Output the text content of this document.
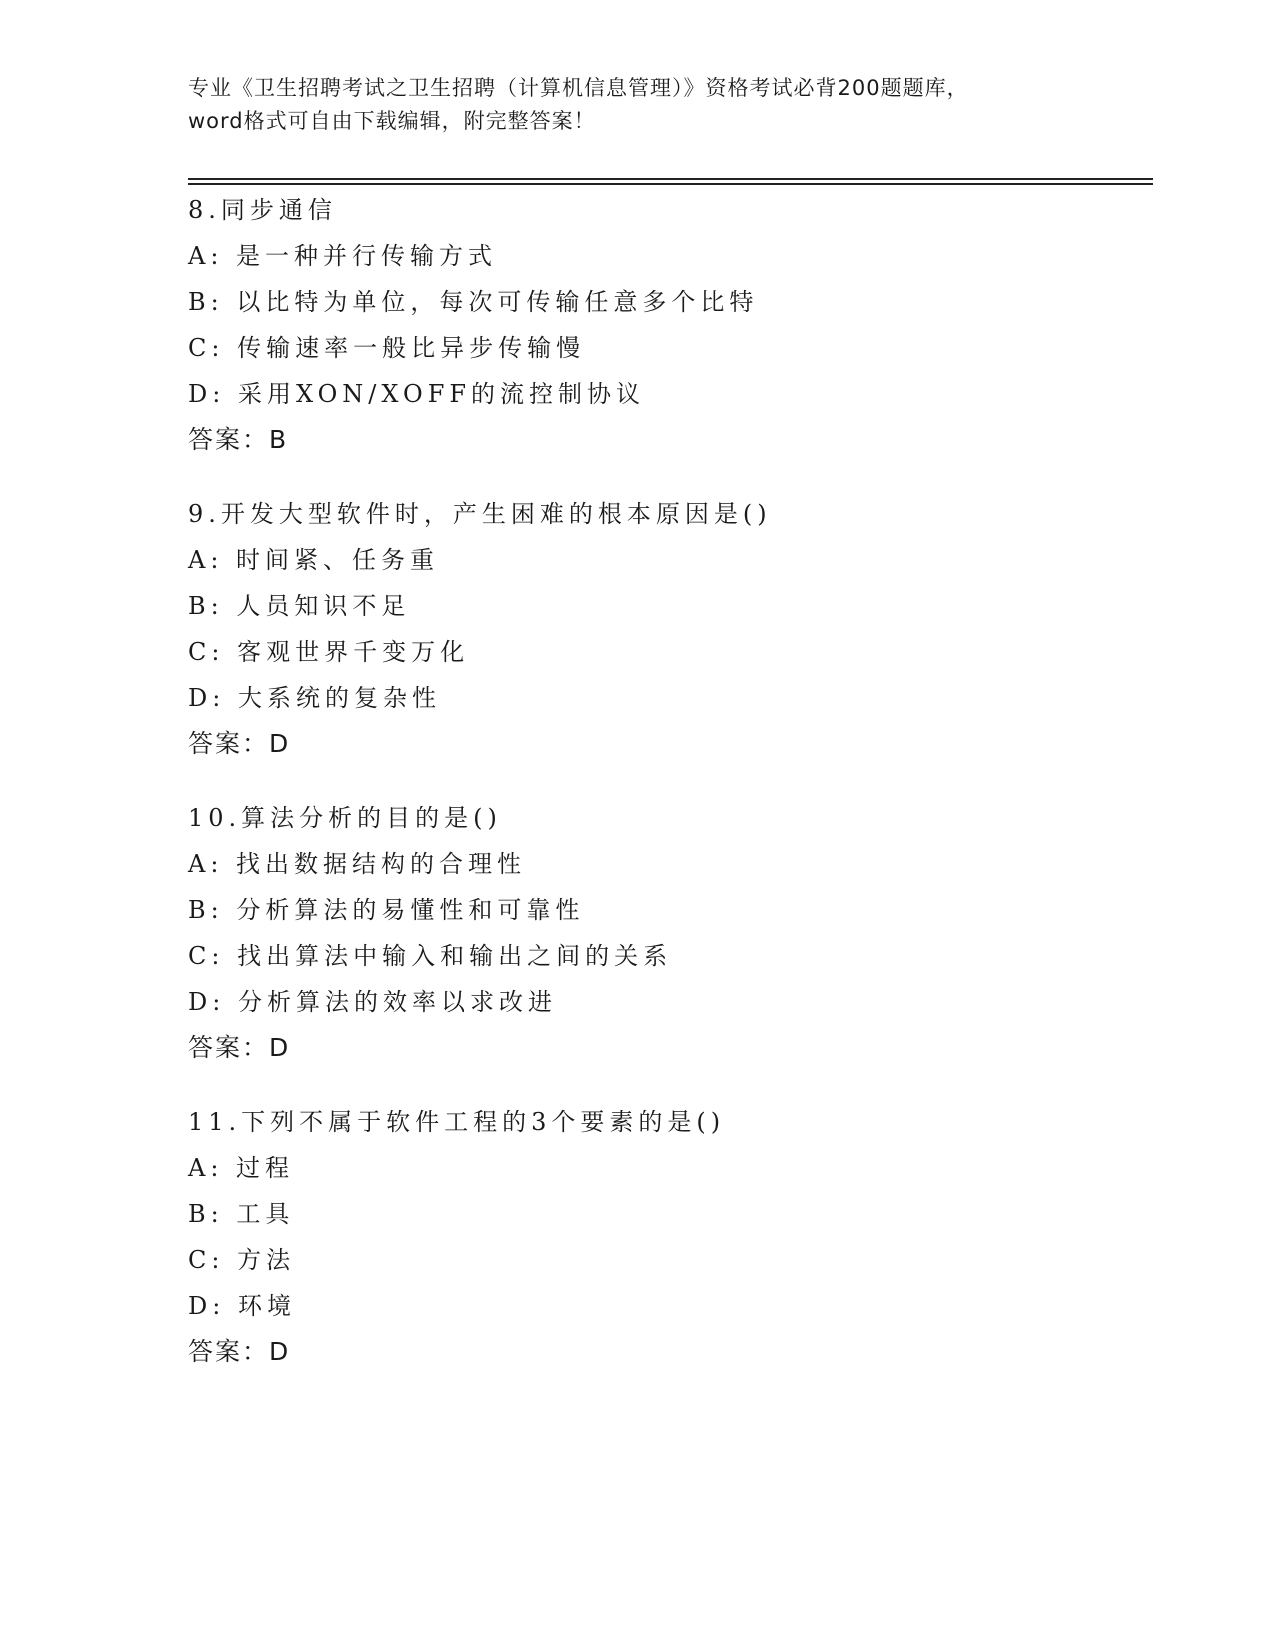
专业《卫生招聘考试之卫生招聘（计算机信息管理）》资格考试必背200题题库，
word格式可自由下载编辑，附完整答案！
8.同步通信
A: 是一种并行传输方式
B: 以比特为单位，每次可传输任意多个比特
C: 传输速率一般比异步传输慢
D: 采用XON/XOFF的流控制协议
答案：B
9.开发大型软件时，产生困难的根本原因是()
A: 时间紧、任务重
B: 人员知识不足
C: 客观世界千变万化
D: 大系统的复杂性
答案：D
10.算法分析的目的是()
A: 找出数据结构的合理性
B: 分析算法的易懂性和可靠性
C: 找出算法中输入和输出之间的关系
D: 分析算法的效率以求改进
答案：D
11.下列不属于软件工程的3个要素的是()
A: 过程
B: 工具
C: 方法
D: 环境
答案：D
